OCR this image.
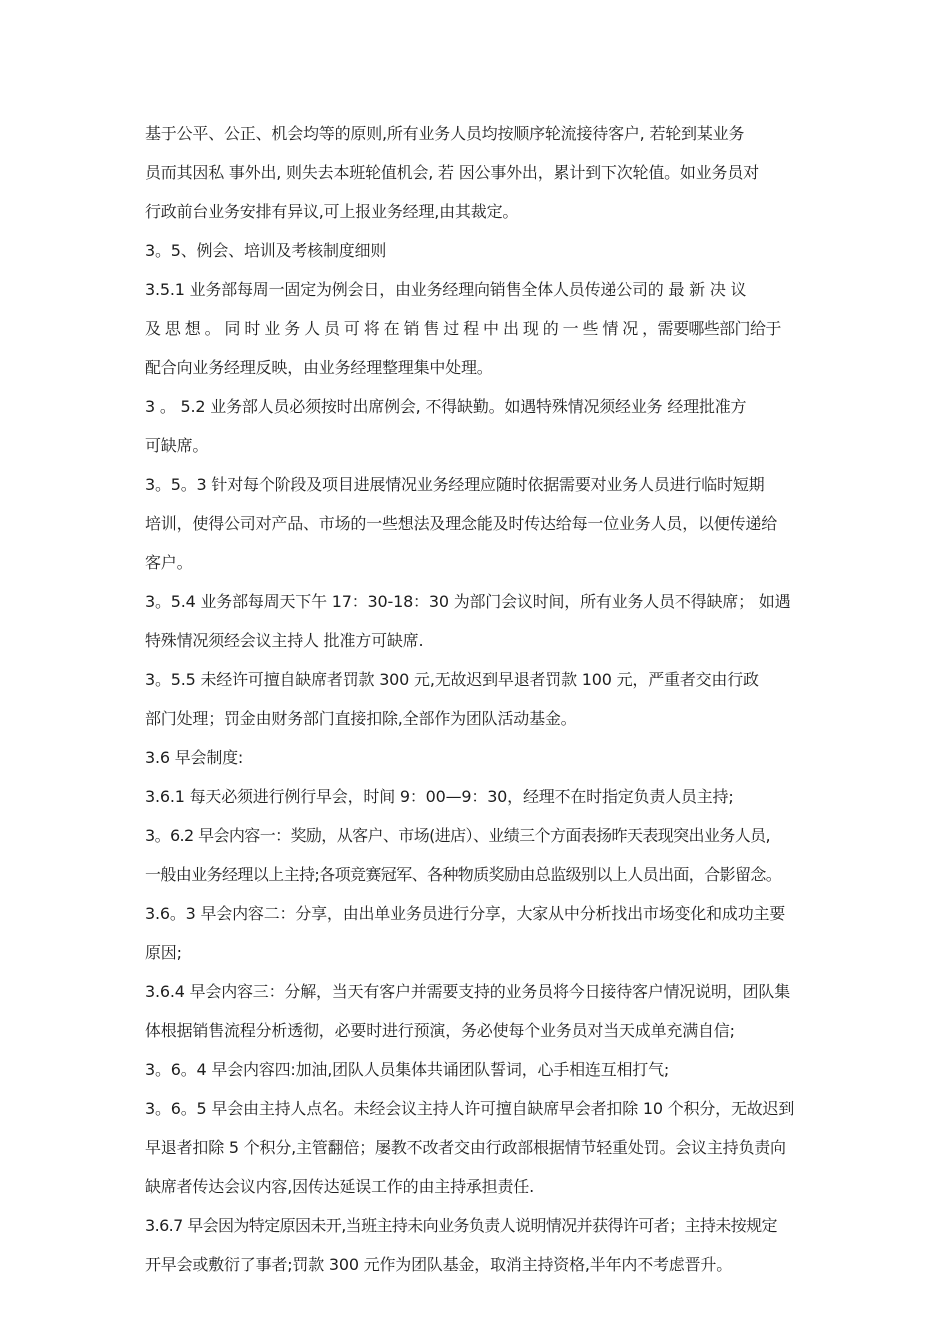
基于公平、公正、机会均等的原则,所有业务人员均按顺序轮流接待客户, 若轮到某业务
员而其因私 事外出, 则失去本班轮值机会, 若 因公事外出，累计到下次轮值。如业务员对
行政前台业务安排有异议,可上报业务经理,由其裁定。
3。5、例会、培训及考核制度细则
3.5.1 业务部每周一固定为例会日，由业务经理向销售全体人员传递公司的 最 新 决 议
及 思 想 。 同 时 业 务 人 员 可 将 在 销 售 过 程 中 出 现 的 一 些 情 况 ，需要哪些部门给于
配合向业务经理反映，由业务经理整理集中处理。
3 。 5.2 业务部人员必须按时出席例会, 不得缺勤。如遇特殊情况须经业务 经理批准方
可缺席。
3。5。3 针对每个阶段及项目进展情况业务经理应随时依据需要对业务人员进行临时短期
培训，使得公司对产品、市场的一些想法及理念能及时传达给每一位业务人员，以便传递给
客户。
3。5.4 业务部每周天下午 17：30-18：30 为部门会议时间，所有业务人员不得缺席； 如遇
特殊情况须经会议主持人 批准方可缺席.
3。5.5 未经许可擅自缺席者罚款 300 元,无故迟到早退者罚款 100 元，严重者交由行政
部门处理；罚金由财务部门直接扣除,全部作为团队活动基金。
3.6 早会制度:
3.6.1 每天必须进行例行早会，时间 9：00—9：30，经理不在时指定负责人员主持;
3。6.2 早会内容一：奖励，从客户、市场(进店）、业绩三个方面表扬昨天表现突出业务人员,
一般由业务经理以上主持;各项竞赛冠军、各种物质奖励由总监级别以上人员出面，合影留念。
3.6。3 早会内容二：分享，由出单业务员进行分享，大家从中分析找出市场变化和成功主要
原因;
3.6.4 早会内容三：分解，当天有客户并需要支持的业务员将今日接待客户情况说明，团队集
体根据销售流程分析透彻，必要时进行预演，务必使每个业务员对当天成单充满自信;
3。6。4 早会内容四:加油,团队人员集体共诵团队誓词，心手相连互相打气;
3。6。5 早会由主持人点名。未经会议主持人许可擅自缺席早会者扣除 10 个积分，无故迟到
早退者扣除 5 个积分,主管翻倍；屡教不改者交由行政部根据情节轻重处罚。会议主持负责向
缺席者传达会议内容,因传达延误工作的由主持承担责任.
3.6.7 早会因为特定原因未开,当班主持未向业务负责人说明情况并获得许可者；主持未按规定
开早会或敷衍了事者;罚款 300 元作为团队基金，取消主持资格,半年内不考虑晋升。
